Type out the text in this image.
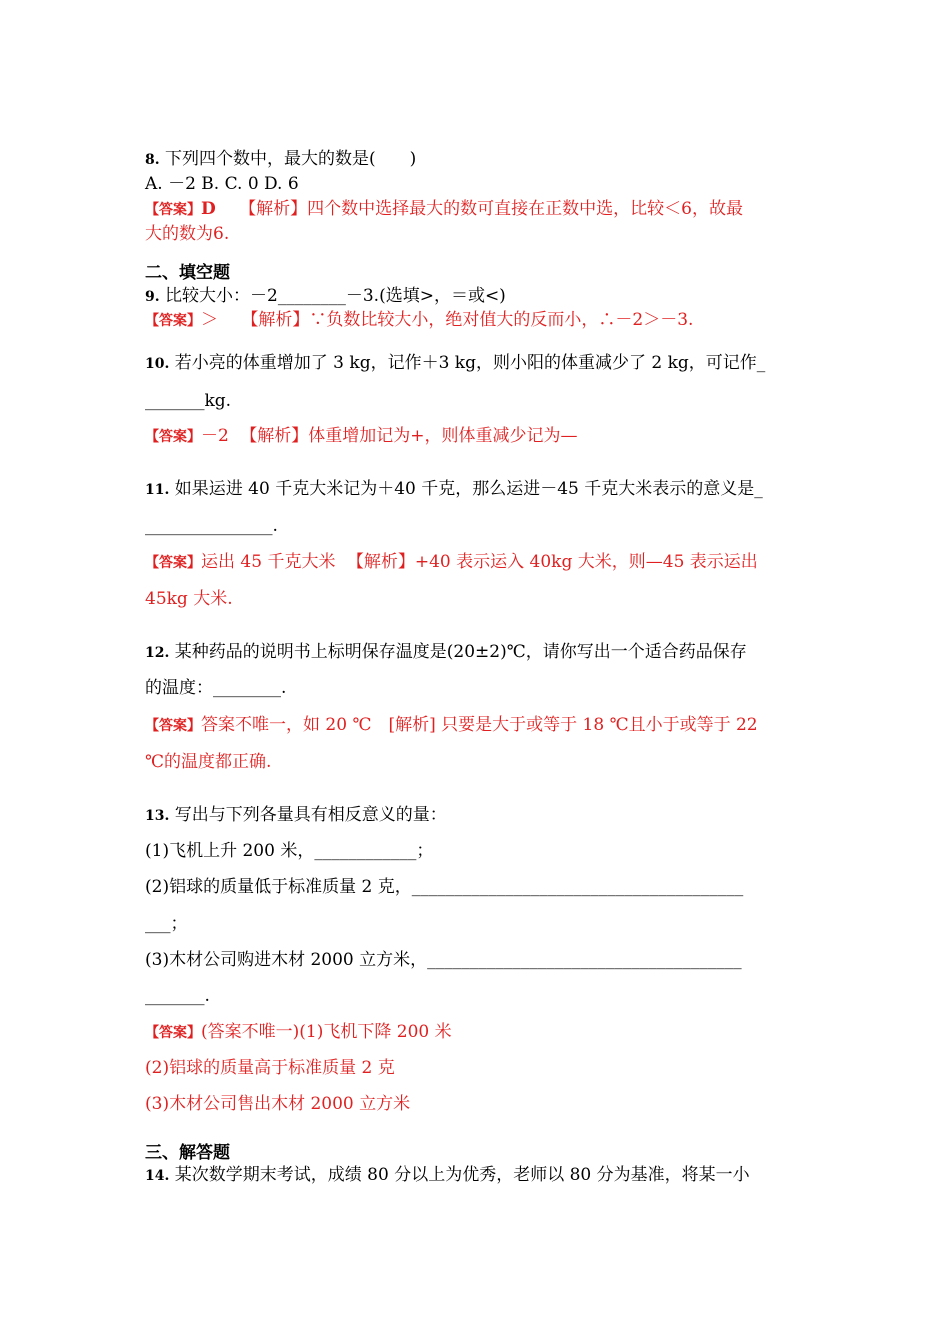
8. 下列四个数中，最大的数是(　　)
A. －2 B. C. 0 D. 6
【答案】D 【解析】四个数中选择最大的数可直接在正数中选，比较＜6，故最
大的数为6.
二、填空题
9. 比较大小：－2________－3.(选填>，＝或<)
【答案】＞ 【解析】∵负数比较大小，绝对值大的反而小，∴－2＞－3.
10. 若小亮的体重增加了 3 kg，记作＋3 kg，则小阳的体重减少了 2 kg，可记作_
_______kg.
【答案】－2 【解析】体重增加记为+，则体重减少记为—
11. 如果运进 40 千克大米记为＋40 千克，那么运进－45 千克大米表示的意义是_
_______________.
【答案】运出 45 千克大米 【解析】+40 表示运入 40kg 大米，则—45 表示运出
45kg 大米.
12. 某种药品的说明书上标明保存温度是(20±2)℃，请你写出一个适合药品保存
的温度：________.
【答案】答案不唯一，如 20 ℃　[解析] 只要是大于或等于 18 ℃且小于或等于 22
℃的温度都正确.
13. 写出与下列各量具有相反意义的量：
(1)飞机上升 200 米，____________；
(2)铝球的质量低于标准质量 2 克，_______________________________________
___；
(3)木材公司购进木材 2000 立方米，_____________________________________
_______.
【答案】(答案不唯一)(1)飞机下降 200 米
(2)铝球的质量高于标准质量 2 克
(3)木材公司售出木材 2000 立方米
三、解答题
14. 某次数学期末考试，成绩 80 分以上为优秀，老师以 80 分为基准，将某一小
